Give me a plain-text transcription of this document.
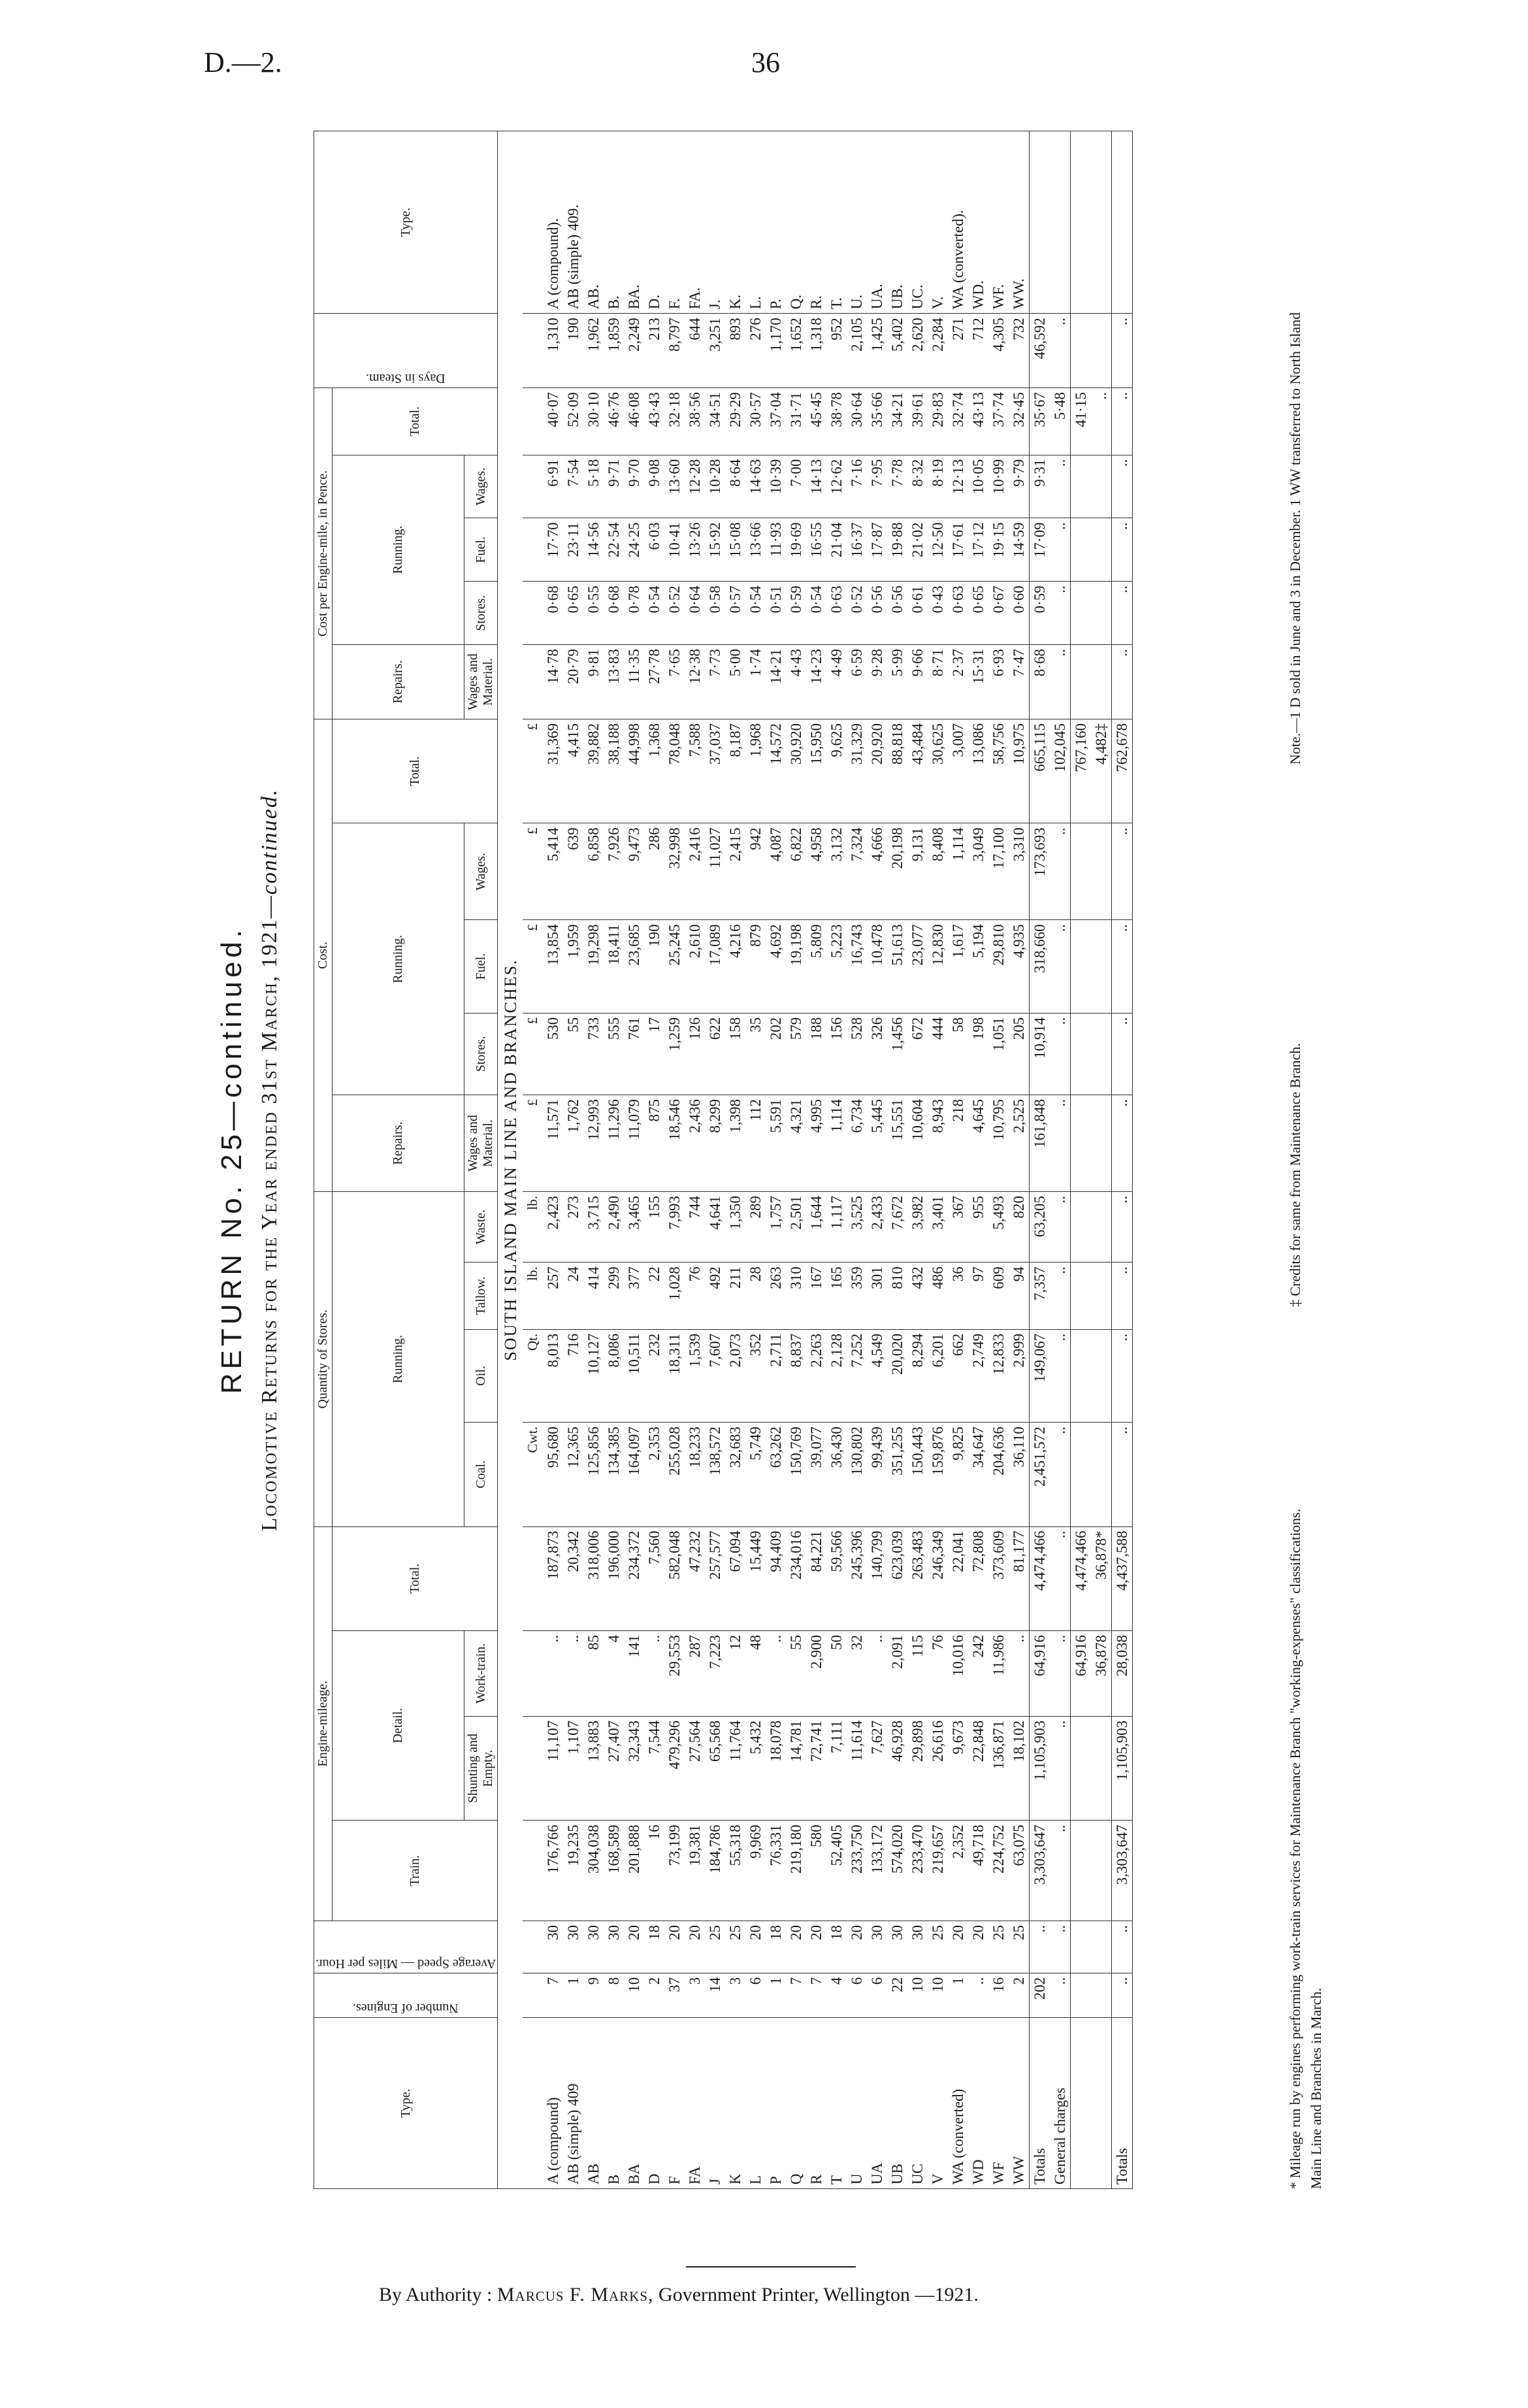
D.—2.	36
RETURN No. 25—continued. Locomotive Returns for the Year ended 31st March, 1921—continued.
Type.	Number of Engines.	Average Speed — Miles per Hour.	Engine-mileage.				Quantity of Stores.				Cost.					Cost per Engine-mile, in Pence.					Days in Steam.	Type.
			Train.	Detail.		Total.	Running.				Repairs.	Running.			Total.	Repairs.	Running.			Total.		
				Shunting and Empty.	Work-train.		Coal.	Oil.	Tallow.	Waste.	Wages and Material.	Stores.	Fuel.	Wages.		Wages and Material.	Stores.	Fuel.	Wages.			
SOUTH ISLAND MAIN LINE AND BRANCHES.																						
							Cwt.	Qt.	lb.	lb.	£	£	£	£	£							
A (compound)	7	30	176,766	11,107	..	187,873	95,680	8,013	257	2,423	11,571	530	13,854	5,414	31,369	14·78	0·68	17·70	6·91	40·07	1,310	A (compound).
AB (simple) 409	1	30	19,235	1,107	..	20,342	12,365	716	24	273	1,762	55	1,959	639	4,415	20·79	0·65	23·11	7·54	52·09	190	AB (simple) 409.
AB	9	30	304,038	13,883	85	318,006	125,856	10,127	414	3,715	12,993	733	19,298	6,858	39,882	9·81	0·55	14·56	5·18	30·10	1,962	AB.
B	8	30	168,589	27,407	4	196,000	134,385	8,086	299	2,490	11,296	555	18,411	7,926	38,188	13·83	0·68	22·54	9·71	46·76	1,859	B.
BA	10	20	201,888	32,343	141	234,372	164,097	10,511	377	3,465	11,079	761	23,685	9,473	44,998	11·35	0·78	24·25	9·70	46·08	2,249	BA.
D	2	18	16	7,544	..	7,560	2,353	232	22	155	875	17	190	286	1,368	27·78	0·54	6·03	9·08	43·43	213	D.
F	37	20	73,199	479,296	29,553	582,048	255,028	18,311	1,028	7,993	18,546	1,259	25,245	32,998	78,048	7·65	0·52	10·41	13·60	32·18	8,797	F.
FA	3	20	19,381	27,564	287	47,232	18,233	1,539	76	744	2,436	126	2,610	2,416	7,588	12·38	0·64	13·26	12·28	38·56	644	FA.
J	14	25	184,786	65,568	7,223	257,577	138,572	7,607	492	4,641	8,299	622	17,089	11,027	37,037	7·73	0·58	15·92	10·28	34·51	3,251	J.
K	3	25	55,318	11,764	12	67,094	32,683	2,073	211	1,350	1,398	158	4,216	2,415	8,187	5·00	0·57	15·08	8·64	29·29	893	K.
L	6	20	9,969	5,432	48	15,449	5,749	352	28	289	112	35	879	942	1,968	1·74	0·54	13·66	14·63	30·57	276	L.
P	1	18	76,331	18,078	..	94,409	63,262	2,711	263	1,757	5,591	202	4,692	4,087	14,572	14·21	0·51	11·93	10·39	37·04	1,170	P.
Q	7	20	219,180	14,781	55	234,016	150,769	8,837	310	2,501	4,321	579	19,198	6,822	30,920	4·43	0·59	19·69	7·00	31·71	1,652	Q.
R	7	20	580	72,741	2,900	84,221	39,077	2,263	167	1,644	4,995	188	5,809	4,958	15,950	14·23	0·54	16·55	14·13	45·45	1,318	R.
T	4	18	52,405	7,111	50	59,566	36,430	2,128	165	1,117	1,114	156	5,223	3,132	9,625	4·49	0·63	21·04	12·62	38·78	952	T.
U	6	20	233,750	11,614	32	245,396	130,802	7,252	359	3,525	6,734	528	16,743	7,324	31,329	6·59	0·52	16·37	7·16	30·64	2,105	U.
UA	6	30	133,172	7,627	..	140,799	99,439	4,549	301	2,433	5,445	326	10,478	4,666	20,920	9·28	0·56	17·87	7·95	35·66	1,425	UA.
UB	22	30	574,020	46,928	2,091	623,039	351,255	20,020	810	7,672	15,551	1,456	51,613	20,198	88,818	5·99	0·56	19·88	7·78	34·21	5,402	UB.
UC	10	30	233,470	29,898	115	263,483	150,443	8,294	432	3,982	10,604	672	23,077	9,131	43,484	9·66	0·61	21·02	8·32	39·61	2,620	UC.
V	10	25	219,657	26,616	76	246,349	159,876	6,201	486	3,401	8,943	444	12,830	8,408	30,625	8·71	0·43	12·50	8·19	29·83	2,284	V.
WA (converted)	1	20	2,352	9,673	10,016	22,041	9,825	662	36	367	218	58	1,617	1,114	3,007	2·37	0·63	17·61	12·13	32·74	271	WA (converted).
WD	..	20	49,718	22,848	242	72,808	34,647	2,749	97	955	4,645	198	5,194	3,049	13,086	15·31	0·65	17·12	10·05	43·13	712	WD.
WF	16	25	224,752	136,871	11,986	373,609	204,636	12,833	609	5,493	10,795	1,051	29,810	17,100	58,756	6·93	0·67	19·15	10·99	37·74	4,305	WF.
WW	2	25	63,075	18,102	..	81,177	36,110	2,999	94	820	2,525	205	4,935	3,310	10,975	7·47	0·60	14·59	9·79	32·45	732	WW.
Totals	202	..	3,303,647	1,105,903	64,916	4,474,466	2,451,572	149,067	7,357	63,205	161,848	10,914	318,660	173,693	665,115	8·68	0·59	17·09	9·31	35·67	46,592	
General charges	..	..	..	..	..	..	..	..	..	..	..	..	..	..	102,045	..	..	..	..	5·48	..	
					64,916	4,474,466									767,160					41·15		
					36,878	36,878*									4,482‡					..		
Totals	..	..	3,303,647	1,105,903	28,038	4,437,588	..	..	..	..	..	..	..	..	762,678	..	..	..	..	..	..	
* Mileage run by engines performing work-train services for Maintenance Branch "working-expenses" classifications.
‡ Credits for same from Maintenance Branch.
Note.—1 D sold in June and 3 in December. 1 WW transferred to North Island
Main Line and Branches in March.
By Authority : Marcus F. Marks, Government Printer, Wellington —1921.
